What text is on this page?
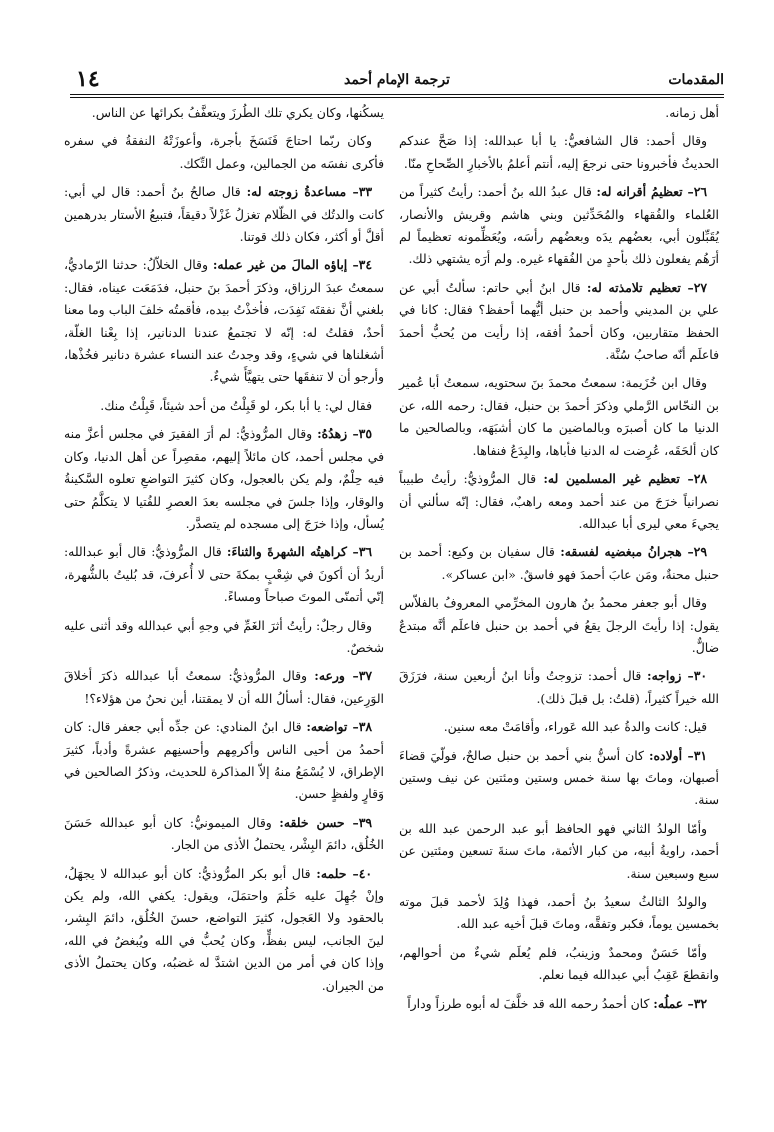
المقدمات
ترجمة الإمام أحمد
١٤

أهل زمانه.

وقال أحمد: قال الشافعيُّ: يا أبا عبدالله: إذا صَحَّ عندكم الحديثُ فأخبرونا حتى نرجعَ إليه، أنتم أعلمُ بالأخبارِ الصِّحاحِ منّا.

٢٦– تعظيمُ أقرانه له: قال عبدُ الله بنُ أحمد: رأيتُ كثيراً من العُلماء والفُقهاء والمُحَدِّثين وبني هاشم وقريش والأنصار، يُقَبِّلون أبي، بعضُهم يدَه وبعضُهم رأسَه، ويُعَظِّمونه تعظيماً لم أرَهُم يفعلون ذلك بأحدٍ من الفُقهاء غيره. ولم أرَه يشتهي ذلك.

٢٧– تعظيم تلامذته له: قال ابنُ أبي حاتم: سألتُ أبي عن علي بن المديني وأحمد بن حنبل أيُّهما أحفظ؟ فقال: كانا في الحفظ متقاربين، وكان أحمدُ أفقه، إذا رأيت من يُحبُّ أحمدَ فاعلَم أنّه صاحبُ سُنَّة.

وقال ابن خُزَيمة: سمعتُ محمدَ بنَ سحتويه، سمعتُ أبا عُمير بن النحّاس الرَّملي وذكرَ أحمدَ بن حنبل، فقال: رحمه الله، عن الدنيا ما كان أصبرَه وبالماضين ما كان أشبَهَه، وبالصالحين ما كان ألحَقَه، عُرِضت له الدنيا فأباها، والبِدَعُ فنفاها.

٢٨– تعظيم غير المسلمين له: قال المرُّوذيُّ: رأيتُ طبيباً نصرانياً خرَجَ من عند أحمد ومعه راهبٌ، فقال: إنّه سألني أن يجيءَ معي ليرى أبا عبدالله.

٢٩– هجرانُ مبغضيه لفسقه: قال سفيان بن وكيع: أحمد بن حنبل محنةٌ، ومَن عابَ أحمدَ فهو فاسقٌ. «ابن عساكر».

وقال أبو جعفر محمدُ بنُ هارون المخرِّمي المعروفُ بالفلاّس يقول: إذا رأيتَ الرجلَ يقعُ في أحمد بن حنبل فاعلَم أنَّه مبتدعٌ ضالٌّ.

٣٠– زواجه: قال أحمد: تزوجتُ وأنا ابنُ أربعين سنة، فرَزَقَ الله خيراً كثيراً، (قلتُ: بل قبلَ ذلك).

قيل: كانت والدةُ عبد الله عَوراء، وأقامَتْ معه سنين.

٣١– أولاده: كان أسنُّ بني أحمد بن حنبل صالحٌ، فولّيَ قضاءَ أصبهان، وماتَ بها سنة خمس وستين ومئتين عن نيف وستين سنة.

وأمّا الولدُ الثاني فهو الحافظ أبو عبد الرحمن عبد الله بن أحمد، راويةُ أبيه، من كبار الأئمة، ماتَ سنةَ تسعين ومئتين عن سبع وسبعين سنة.

والولدُ الثالثُ سعيدُ بنُ أحمد، فهذا وُلِدَ لأحمد قبلَ موته بخمسين يوماً، فكبر وتفقَّه، وماتَ قبلَ أخيه عبد الله.

وأمّا حَسَنٌ ومحمدٌ وزينبُ، فلم يُعلَم شيءٌ من أحوالهم، وانقطعَ عَقِبُ أبي عبدالله فيما نعلم.

٣٢– عملُه: كان أحمدُ رحمه الله قد خلَّفَ له أبوه طرزاً وداراً

يسكُنها، وكان يكري تلك الطُرزَ ويتعفَّفُ بكرائها عن الناس.

وكان ربّما احتاجَ فَنَسَخَ بأجرة، وأعوزَتْهُ النفقةُ في سفره فأكرى نفسَه من الجمالين، وعمل التِّكك.

٣٣– مساعدةُ زوجته له: قال صالحُ بنُ أحمد: قال لي أبي: كانت والدتُك في الظّلام تغزلُ غَزْلاً دقيقاً، فتبيعُ الأستار بدرهمين أقلَّ أو أكثر، فكان ذلك قوتنا.

٣٤– إباؤه المالَ من غير عمله: وقال الخلاّلُ: حدثنا الرّماديُّ، سمعتُ عبدَ الرزاق، وذكرَ أحمدَ بنَ حنبل، فدَمَعَت عيناه، فقال: بلغني أنَّ نفقتَه نَفِدَت، فأخذْتُ بيده، فأقمتُه خلفَ الباب وما معنا أحدٌ، فقلتُ له: إنّه لا تجتمعُ عندنا الدنانير، إذا بِعْنا الغلّة، أشغلناها في شيءٍ، وقد وجدتُ عند النساء عشرة دنانير فخُذْها، وأرجو أن لا تنفقَها حتى يتهيَّأَ شيءٌ.

فقال لي: يا أبا بكر، لو قَبِلْتُ من أحد شيئاً، قَبِلْتُ منك.

٣٥– زهدُهُ: وقال المرُّوذيُّ: لم أرَ الفقيرَ في مجلس أعزَّ منه في مجلس أحمد، كان مائلاً إليهم، مقصِراً عن أهل الدنيا، وكان فيه حِلْمٌ، ولم يكن بالعجول، وكان كثيرَ التواضعِ تعلوه السَّكينةُ والوقار، وإذا جلسَ في مجلسه بعدَ العصرِ للفُتيا لا يتكلَّمُ حتى يُسأل، وإذا خرَجَ إلى مسجده لم يتصدَّر.

٣٦– كراهيتُه الشهرةَ والثناءَ: قال المرُّوذيُّ: قال أبو عبدالله: أريدُ أن أكونَ في شِعْبٍ بمكةَ حتى لا أُعرفَ، قد بُليتُ بالشُّهرة، إنّي أتمنّى الموتَ صباحاً ومساءً.

وقال رجلٌ: رأيتُ أثرَ الغَمِّ في وجهِ أبي عبدالله وقد أثنى عليه شخصٌ.

٣٧– ورعه: وقال المرُّوذيُّ: سمعتُ أبا عبدالله ذكرَ أخلاقَ الوَرِعين، فقال: أسألُ الله أن لا يمقتنا، أين نحنُ من هؤلاء؟!

٣٨– تواضعه: قال ابنُ المنادي: عن جدِّه أبي جعفر قال: كان أحمدُ من أحيى الناس وأكرمِهم وأحسنِهم عشرةً وأدباً، كثيرَ الإطراق، لا يُسْمَعُ منهُ إلاّ المذاكرة للحديث، وذكرُ الصالحين في وَقارٍ ولفظٍ حسن.

٣٩– حسن خلقه: وقال الميمونيُّ: كان أبو عبدالله حَسَنَ الخُلُق، دائمَ البِشْر، يحتملُ الأذى من الجار.

٤٠– حلمه: قال أبو بكر المرُّوذيُّ: كان أبو عبدالله لا يجهَلُ، وإنْ جُهِلَ عليه حَلُمَ واحتمَلَ، ويقول: يكفي الله، ولم يكن بالحقود ولا العَجول، كثيرَ التواضع، حسنَ الخُلُق، دائمَ البِشر، لينَ الجانب، ليس بفظٍّ، وكان يُحبُّ في الله ويُبغضُ في الله، وإذا كان في أمر من الدين اشتدَّ له غضبُه، وكان يحتملُ الأذى من الجيران.
